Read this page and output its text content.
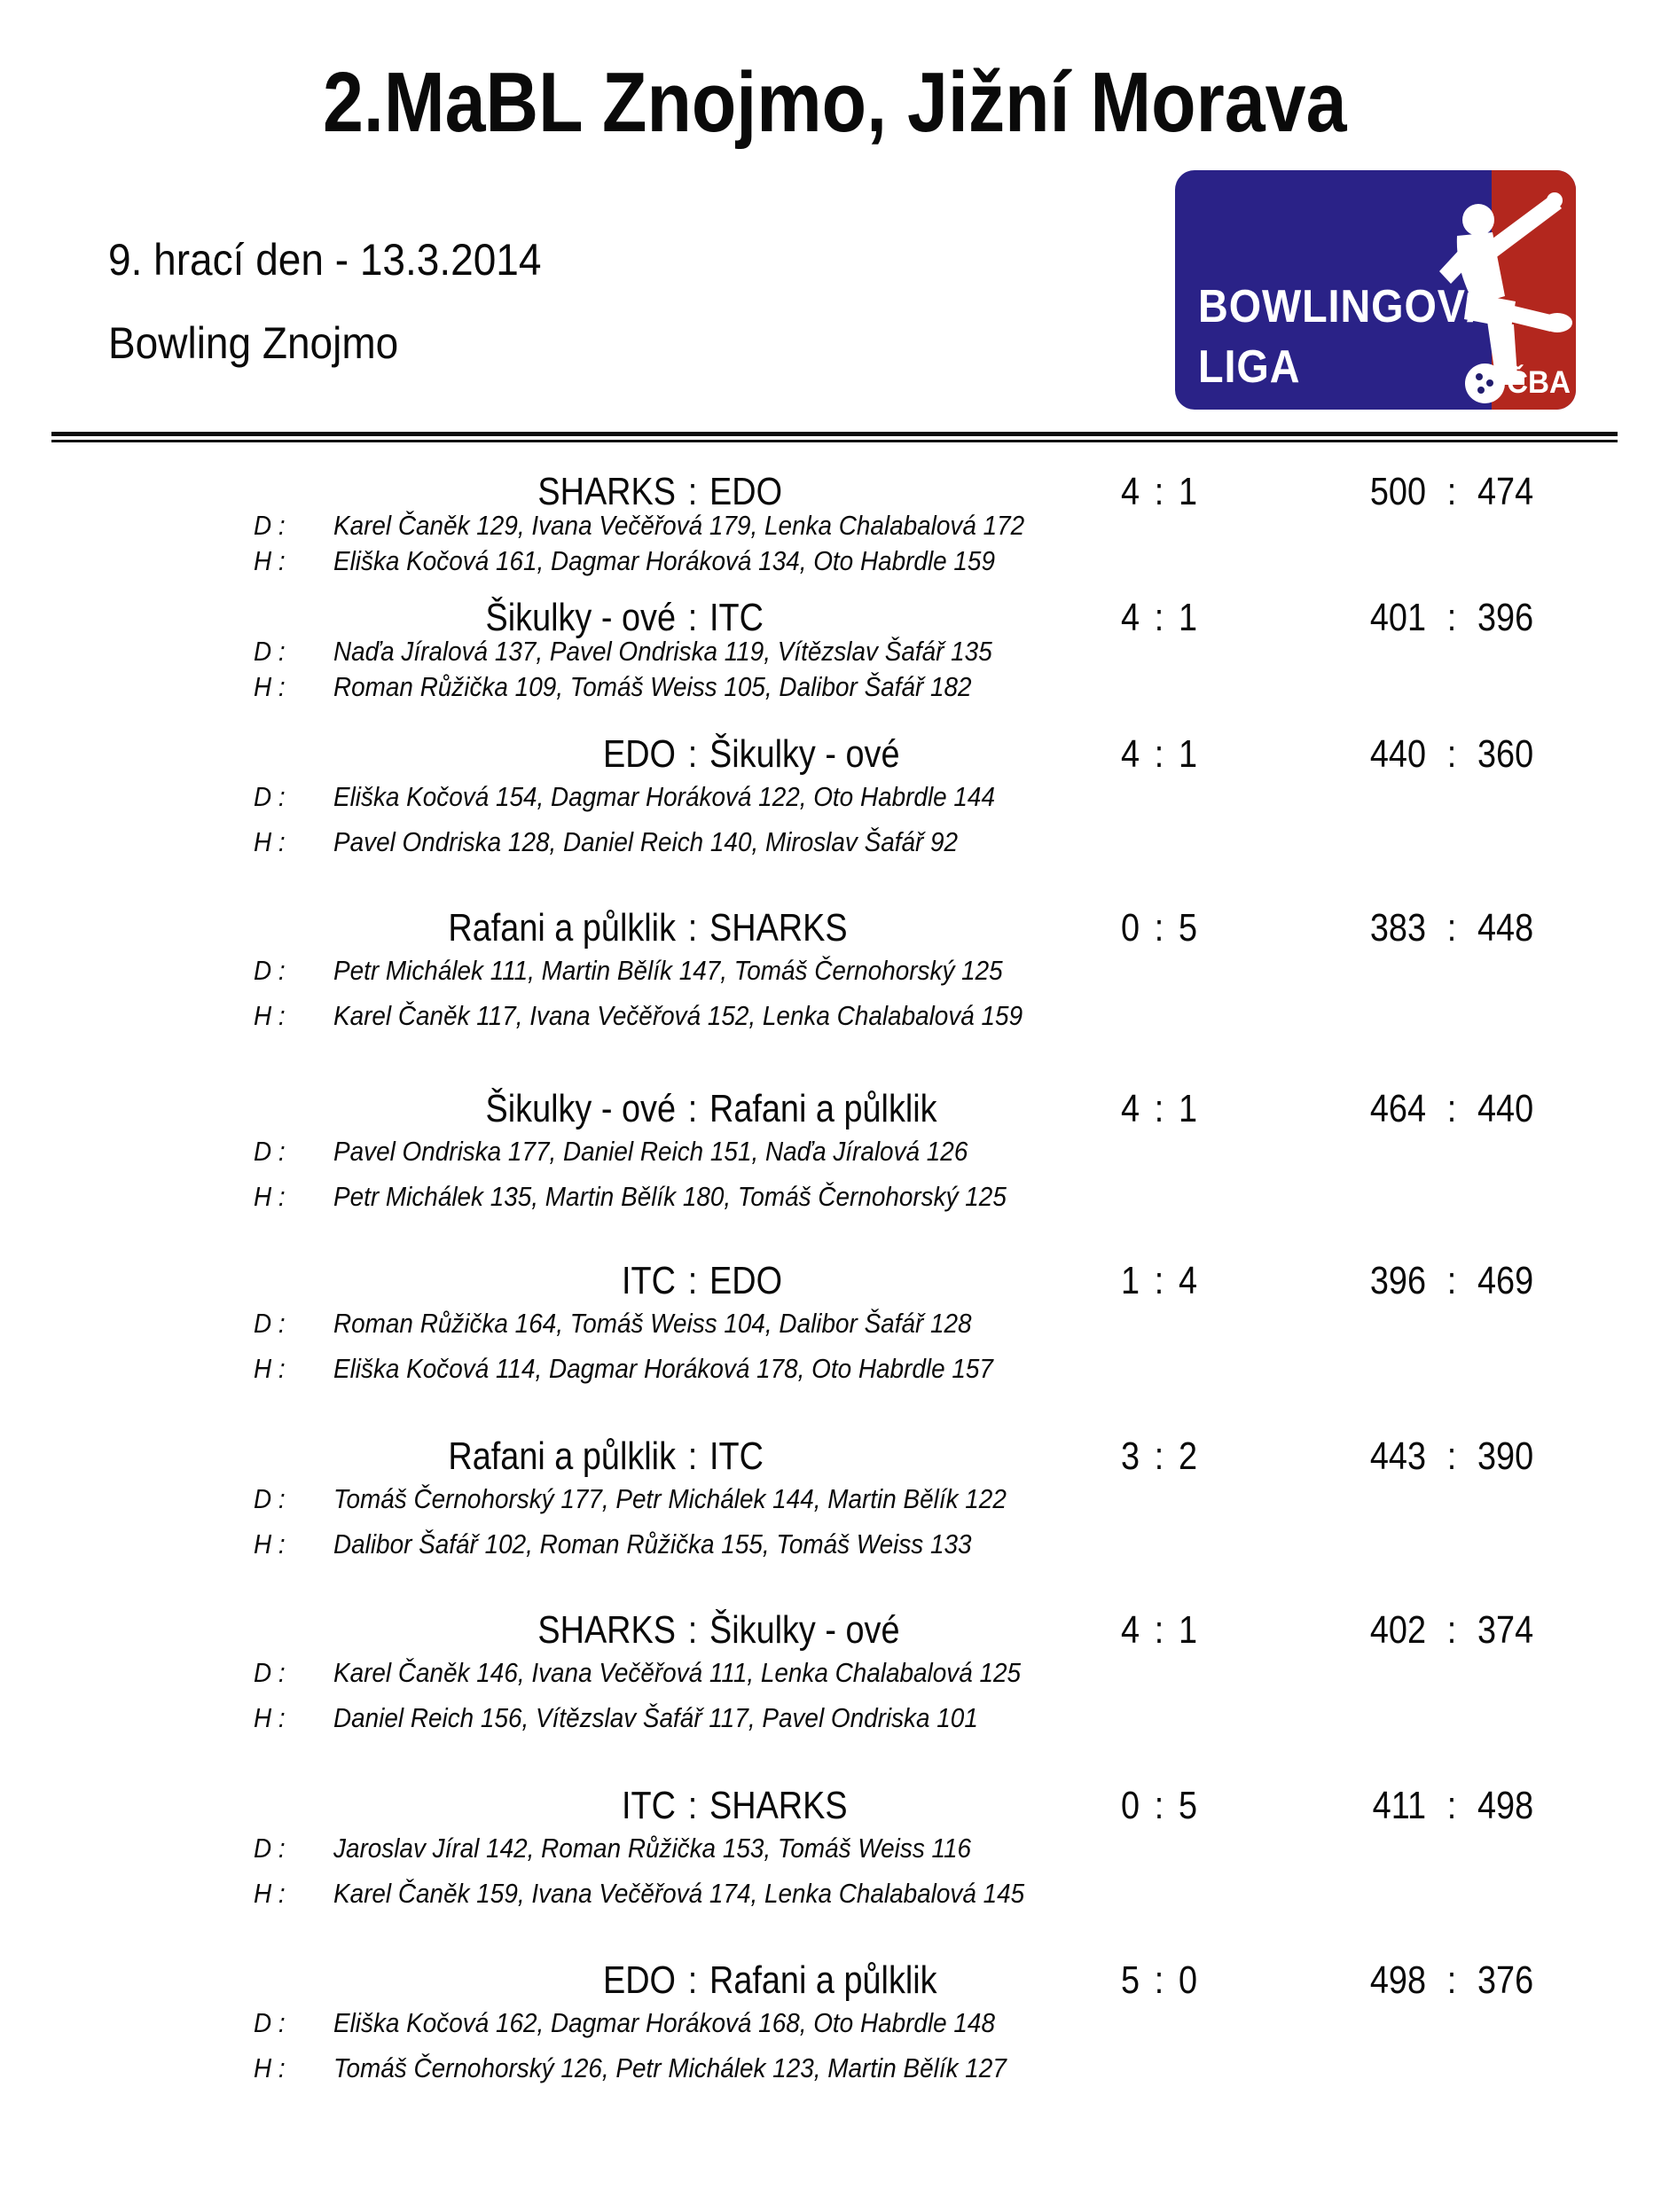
2.MaBL Znojmo, Jižní Morava
9. hrací den - 13.3.2014
Bowling Znojmo
BOWLINGOVÁ
LIGA	ČBA
SHARKS : EDO	4 : 1	500 : 474
D :	Karel Čaněk 129, Ivana Večěřová 179, Lenka Chalabalová 172
H :	Eliška Kočová 161, Dagmar Horáková 134, Oto Habrdle 159
Šikulky - ové : ITC	4 : 1	401 : 396
D :	Naďa Jíralová 137, Pavel Ondriska 119, Vítězslav Šafář 135
H :	Roman Růžička 109, Tomáš Weiss 105, Dalibor Šafář 182
EDO : Šikulky - ové	4 : 1	440 : 360
D :	Eliška Kočová 154, Dagmar Horáková 122, Oto Habrdle 144
H :	Pavel Ondriska 128, Daniel Reich 140, Miroslav Šafář 92
Rafani a půlklik : SHARKS	0 : 5	383 : 448
D :	Petr Michálek 111, Martin Bělík 147, Tomáš Černohorský 125
H :	Karel Čaněk 117, Ivana Večěřová 152, Lenka Chalabalová 159
Šikulky - ové : Rafani a půlklik	4 : 1	464 : 440
D :	Pavel Ondriska 177, Daniel Reich 151, Naďa Jíralová 126
H :	Petr Michálek 135, Martin Bělík 180, Tomáš Černohorský 125
ITC : EDO	1 : 4	396 : 469
D :	Roman Růžička 164, Tomáš Weiss 104, Dalibor Šafář 128
H :	Eliška Kočová 114, Dagmar Horáková 178, Oto Habrdle 157
Rafani a půlklik : ITC	3 : 2	443 : 390
D :	Tomáš Černohorský 177, Petr Michálek 144, Martin Bělík 122
H :	Dalibor Šafář 102, Roman Růžička 155, Tomáš Weiss 133
SHARKS : Šikulky - ové	4 : 1	402 : 374
D :	Karel Čaněk 146, Ivana Večěřová 111, Lenka Chalabalová 125
H :	Daniel Reich 156, Vítězslav Šafář 117, Pavel Ondriska 101
ITC : SHARKS	0 : 5	411 : 498
D :	Jaroslav Jíral 142, Roman Růžička 153, Tomáš Weiss 116
H :	Karel Čaněk 159, Ivana Večěřová 174, Lenka Chalabalová 145
EDO : Rafani a půlklik	5 : 0	498 : 376
D :	Eliška Kočová 162, Dagmar Horáková 168, Oto Habrdle 148
H :	Tomáš Černohorský 126, Petr Michálek 123, Martin Bělík 127
